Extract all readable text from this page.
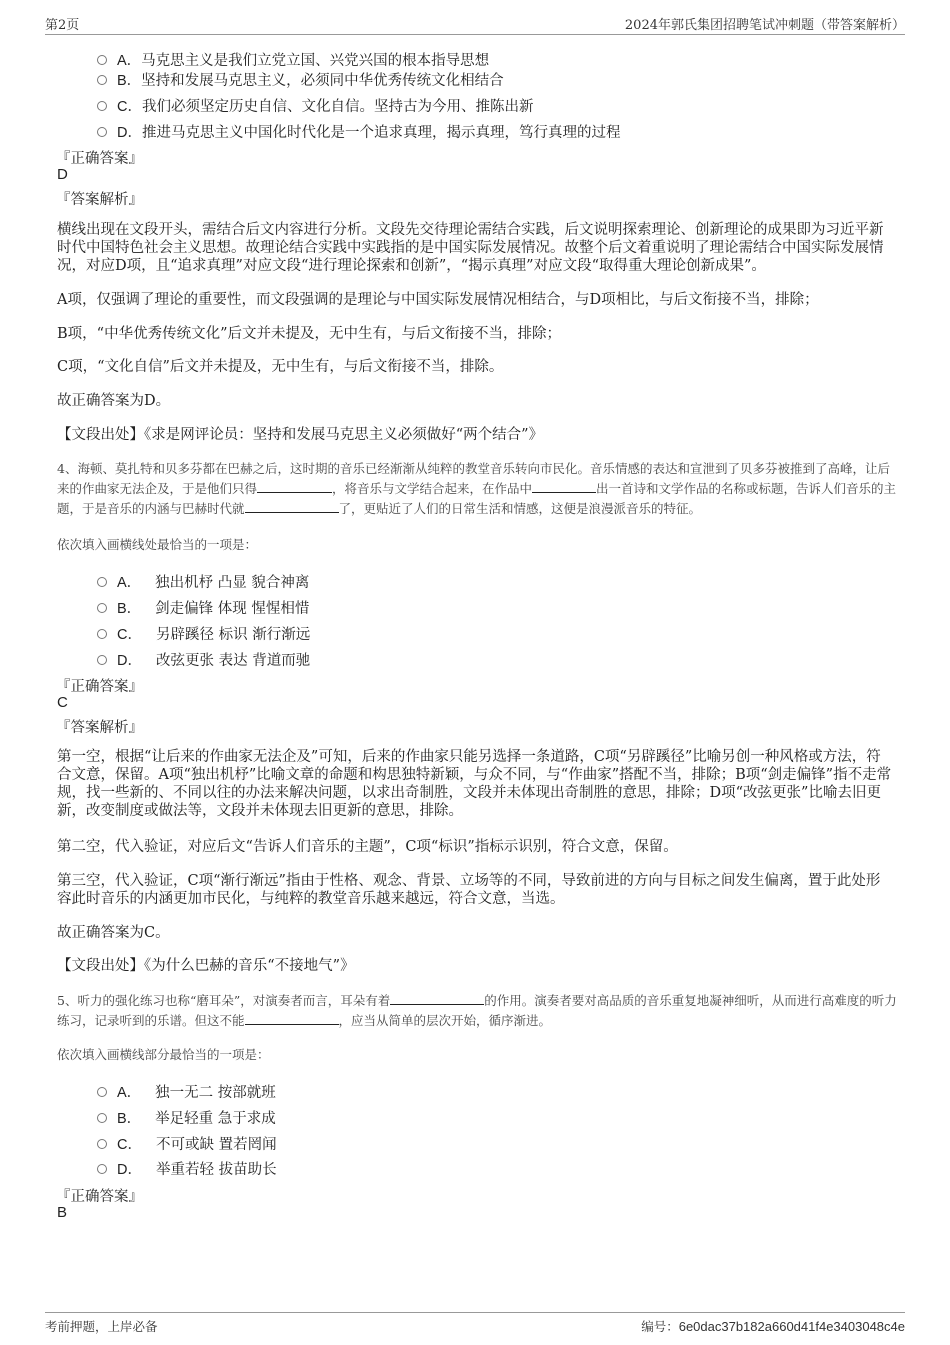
第2页	2024年郭氏集团招聘笔试冲刺题（带答案解析）
A．马克思主义是我们立党立国、兴党兴国的根本指导思想
B．坚持和发展马克思主义，必须同中华优秀传统文化相结合
C．我们必须坚定历史自信、文化自信。坚持古为今用、推陈出新
D．推进马克思主义中国化时代化是一个追求真理，揭示真理，笃行真理的过程
『正确答案』
D
『答案解析』
横线出现在文段开头，需结合后文内容进行分析。文段先交待理论需结合实践，后文说明探索理论、创新理论的成果即为习近平新时代中国特色社会主义思想。故理论结合实践中实践指的是中国实际发展情况。故整个后文着重说明了理论需结合中国实际发展情况，对应D项，且“追求真理”对应文段“进行理论探索和创新”，“揭示真理”对应文段“取得重大理论创新成果”。
A项，仅强调了理论的重要性，而文段强调的是理论与中国实际发展情况相结合，与D项相比，与后文衔接不当，排除；
B项，“中华优秀传统文化”后文并未提及，无中生有，与后文衔接不当，排除；
C项，“文化自信”后文并未提及，无中生有，与后文衔接不当，排除。
故正确答案为D。
【文段出处】《求是网评论员：坚持和发展马克思主义必须做好“两个结合”》
4、海顿、莫扎特和贝多芬都在巴赫之后，这时期的音乐已经渐渐从纯粹的教堂音乐转向市民化。音乐情感的表达和宣泄到了贝多芬被推到了高峰，让后来的作曲家无法企及，于是他们只得	，将音乐与文学结合起来，在作品中	出一首诗和文学作品的名称或标题，告诉人们音乐的主题，于是音乐的内涵与巴赫时代就	了，更贴近了人们的日常生活和情感，这便是浪漫派音乐的特征。
依次填入画横线处最恰当的一项是：
A． 独出机杼 凸显 貌合神离
B． 剑走偏锋 体现 惺惺相惜
C． 另辟蹊径 标识 渐行渐远
D． 改弦更张 表达 背道而驰
『正确答案』
C
『答案解析』
第一空，根据“让后来的作曲家无法企及”可知，后来的作曲家只能另选择一条道路，C项“另辟蹊径”比喻另创一种风格或方法，符合文意，保留。A项“独出机杼”比喻文章的命题和构思独特新颖，与众不同，与“作曲家”搭配不当，排除；B项“剑走偏锋”指不走常规，找一些新的、不同以往的办法来解决问题，以求出奇制胜，文段并未体现出奇制胜的意思，排除；D项“改弦更张”比喻去旧更新，改变制度或做法等，文段并未体现去旧更新的意思，排除。
第二空，代入验证，对应后文“告诉人们音乐的主题”，C项“标识”指标示识别，符合文意，保留。
第三空，代入验证，C项“渐行渐远”指由于性格、观念、背景、立场等的不同，导致前进的方向与目标之间发生偏离，置于此处形容此时音乐的内涵更加市民化，与纯粹的教堂音乐越来越远，符合文意，当选。
故正确答案为C。
【文段出处】《为什么巴赫的音乐“不接地气”》
5、听力的强化练习也称“磨耳朵”，对演奏者而言，耳朵有着	的作用。演奏者要对高品质的音乐重复地凝神细听，从而进行高难度的听力练习，记录听到的乐谱。但这不能	，应当从简单的层次开始，循序渐进。
依次填入画横线部分最恰当的一项是：
A． 独一无二 按部就班
B． 举足轻重 急于求成
C． 不可或缺 置若罔闻
D． 举重若轻 拔苗助长
『正确答案』
B
考前押题，上岸必备	编号：6e0dac37b182a660d41f4e3403048c4e
